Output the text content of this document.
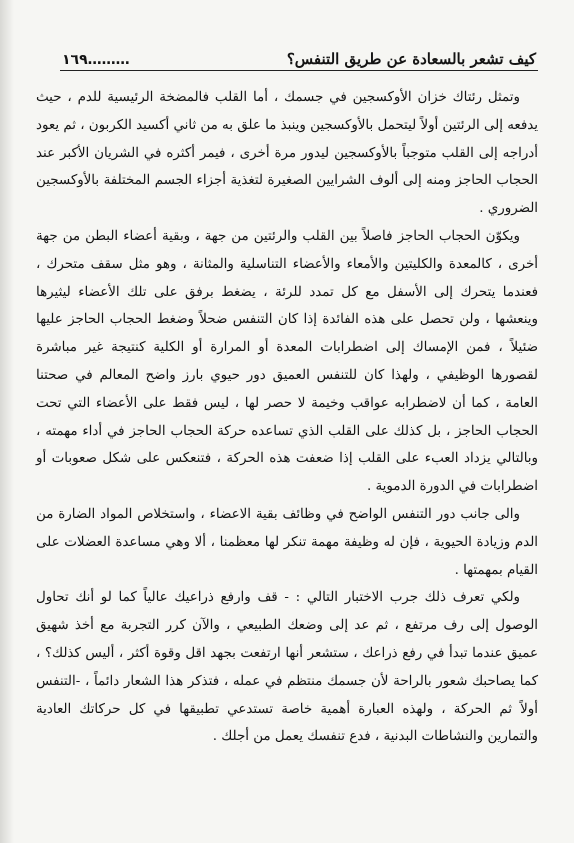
كيف تشعر بالسعادة عن طريق التنفس؟
١٦٩………

وتمثل رئتاك خزان الأوكسجين في جسمك ، أما القلب فالمضخة الرئيسية للدم ، حيث يدفعه إلى الرئتين أولاً ليتحمل بالأوكسجين وينبذ ما علق به من ثاني أكسيد الكربون ، ثم يعود أدراجه إلى القلب متوجباً بالأوكسجين ليدور مرة أخرى ، فيمر أكثره في الشريان الأكبر عند الحجاب الحاجز ومنه إلى ألوف الشرايين الصغيرة لتغذية أجزاء الجسم المختلفة بالأوكسجين الضروري .

ويكوّن الحجاب الحاجز فاصلاً بين القلب والرئتين من جهة ، وبقية أعضاء البطن من جهة أخرى ، كالمعدة والكليتين والأمعاء والأعضاء التناسلية والمثانة ، وهو مثل سقف متحرك ، فعندما يتحرك إلى الأسفل مع كل تمدد للرئة ، يضغط برفق على تلك الأعضاء ليثيرها وينعشها ، ولن تحصل على هذه الفائدة إذا كان التنفس ضحلاً وضغط الحجاب الحاجز عليها ضئيلاً ، فمن الإمساك إلى اضطرابات المعدة أو المرارة أو الكلية كنتيجة غير مباشرة لقصورها الوظيفي ، ولهذا كان للتنفس العميق دور حيوي بارز واضح المعالم في صحتنا العامة ، كما أن لاضطرابه عواقب وخيمة لا حصر لها ، ليس فقط على الأعضاء التي تحت الحجاب الحاجز ، بل كذلك على القلب الذي تساعده حركة الحجاب الحاجز في أداء مهمته ، وبالتالي يزداد العبء على القلب إذا ضعفت هذه الحركة ، فتنعكس على شكل صعوبات أو اضطرابات في الدورة الدموية .

والى جانب دور التنفس الواضح في وظائف بقية الاعضاء ، واستخلاص المواد الضارة من الدم وزيادة الحيوية ، فإن له وظيفة مهمة تنكر لها معظمنا ، ألا وهي مساعدة العضلات على القيام بمهمتها .

ولكي تعرف ذلك جرب الاختبار التالي : - قف وارفع ذراعيك عالياً كما لو أنك تحاول الوصول إلى رف مرتفع ، ثم عد إلى وضعك الطبيعي ، والآن كرر التجربة مع أخذ شهيق عميق عندما تبدأ في رفع ذراعك ، ستشعر أنها ارتفعت بجهد اقل وقوة أكثر ، أليس كذلك؟ ، كما يصاحبك شعور بالراحة لأن جسمك منتظم في عمله ، فتذكر هذا الشعار دائماً ، -التنفس أولاً ثم الحركة ، ولهذه العبارة أهمية خاصة تستدعي تطبيقها في كل حركاتك العادية والتمارين والنشاطات البدنية ، فدع تنفسك يعمل من أجلك .
